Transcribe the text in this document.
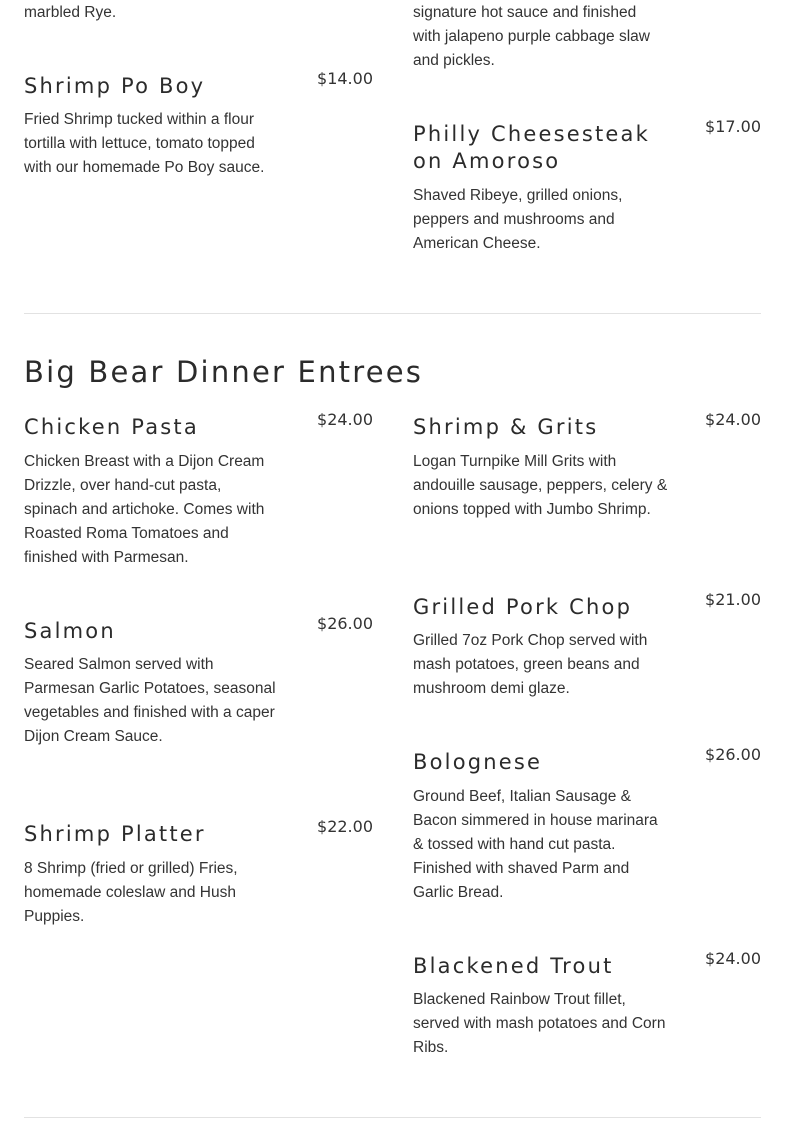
marbled Rye.	signature hot sauce and finished with jalapeno purple cabbage slaw and pickles.

Shrimp Po Boy	$14.00

Fried Shrimp tucked within a flour tortilla with lettuce, tomato topped with our homemade Po Boy sauce.

Philly Cheesesteak on Amoroso
$17.00

Shaved Ribeye, grilled onions, peppers and mushrooms and American Cheese.

Big Bear Dinner Entrees
Chicken Pasta	$24.00

Chicken Breast with a Dijon Cream Drizzle, over hand-cut pasta, spinach and artichoke. Comes with Roasted Roma Tomatoes and finished with Parmesan.

Salmon	$26.00

Seared Salmon served with Parmesan Garlic Potatoes, seasonal vegetables and finished with a caper Dijon Cream Sauce.

Shrimp Platter	$22.00

8 Shrimp (fried or grilled) Fries, homemade coleslaw and Hush Puppies.

Shrimp & Grits	$24.00

Logan Turnpike Mill Grits with andouille sausage, peppers, celery & onions topped with Jumbo Shrimp.

Grilled Pork Chop	$21.00

Grilled 7oz Pork Chop served with mash potatoes, green beans and mushroom demi glaze.

Bolognese	$26.00

Ground Beef, Italian Sausage & Bacon simmered in house marinara & tossed with hand cut pasta. Finished with shaved Parm and Garlic Bread.

Blackened Trout	$24.00

Blackened Rainbow Trout fillet, served with mash potatoes and Corn Ribs.
